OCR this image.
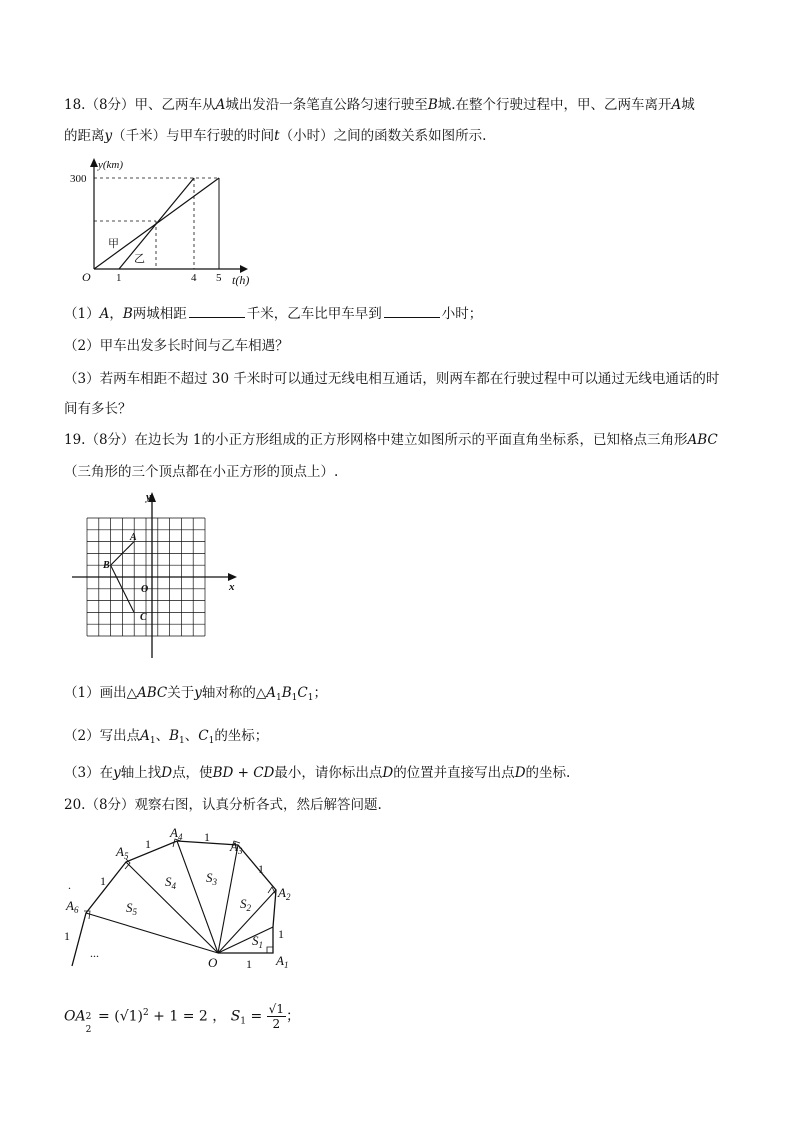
18.（8分）甲、乙两车从A城出发沿一条笔直公路匀速行驶至B城.在整个行驶过程中，甲、乙两车离开A城
的距离y（千米）与甲车行驶的时间t（小时）之间的函数关系如图所示.
y(km)
300
O 1	4 5 t(h)
甲
乙
（1）A，B两城相距	千米，乙车比甲车早到	小时；
（2）甲车出发多长时间与乙车相遇？
（3）若两车相距不超过 30 千米时可以通过无线电相互通话，则两车都在行驶过程中可以通过无线电通话的时
间有多长？
19.（8分）在边长为 1的小正方形组成的正方形网格中建立如图所示的平面直角坐标系，已知格点三角形ABC
（三角形的三个顶点都在小正方形的顶点上）.
y
x
A
B
C
O
（1）画出△ABC关于y轴对称的$\triangle A_1B_1C_1$；
（2）写出点$A_1$、$B_1$、$C_1$的坐标；
（3）在y轴上找D点，使BD + CD最小，请你标出点D的位置并直接写出点D的坐标.
20.（8分）观察右图，认真分析各式，然后解答问题.
$A_1$
$A_2$
$A_3$
$A_4$
$A_5$
$A_6$
$S_1$
$S_2$
$S_3$
$S_4$
$S_5$
1
1
1
1
1
1
1
O
...
.
OA 2
2
= $(√1)^2 + 1 = 2$ ， $S_1 = \frac{√1}{2}$ ；
